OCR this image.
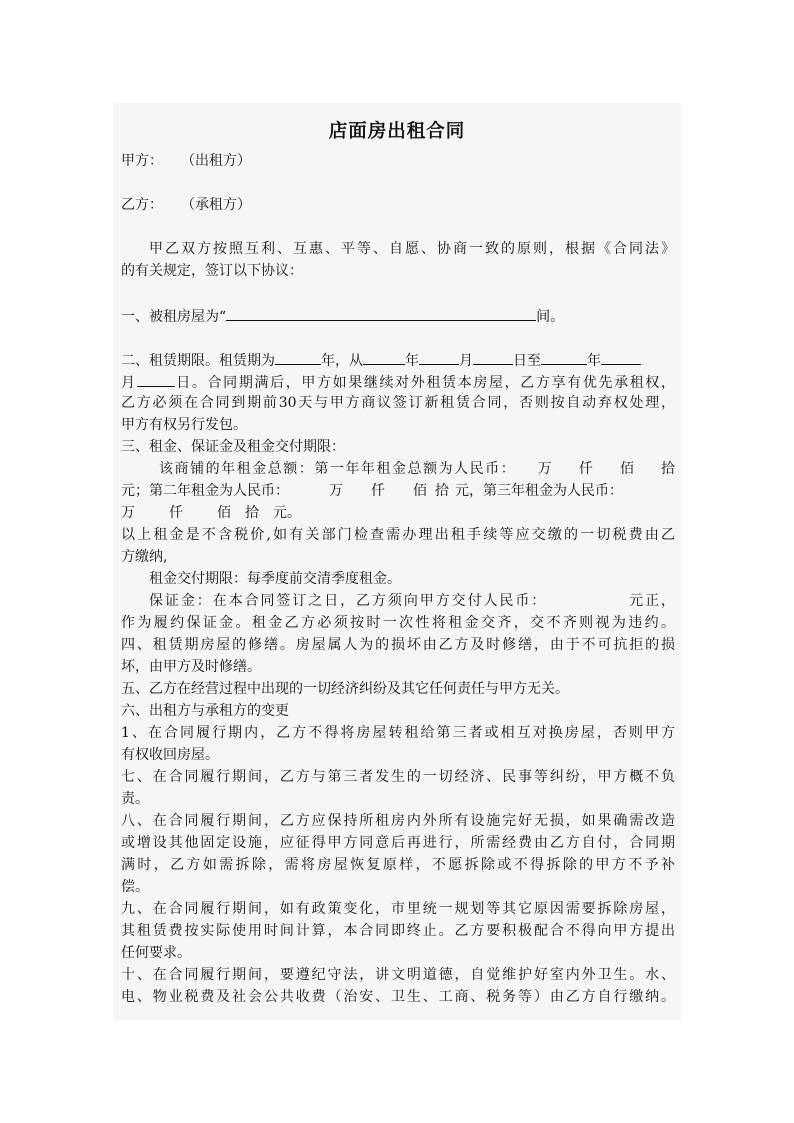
店面房出租合同
甲方： （出租方）
乙方： （承租方）
甲乙双方按照互利、互惠、平等、自愿、协商一致的原则，根据《合同法》
的有关规定，签订以下协议：
一、被租房屋为“	间。
二、租赁期限。租赁期为	年，从	年	月	日至	年
月	日。合同期满后，甲方如果继续对外租赁本房屋，乙方享有优先承租权，
乙方必须在合同到期前30天与甲方商议签订新租赁合同，否则按自动弃权处理，
甲方有权另行发包。
三、租金、保证金及租金交付期限：
该商铺的年租金总额：第一年年租金总额为人民币： 万 仟 佰 拾
元；第二年租金为人民币：	万 仟 佰 拾 元，第三年租金为人民币：
万 仟 佰 拾 元。
以上租金是不含税价,如有关部门检查需办理出租手续等应交缴的一切税费由乙
方缴纳,
租金交付期限：每季度前交清季度租金。
保证金：在本合同签订之日，乙方须向甲方交付人民币：	元正，
作为履约保证金。租金乙方必须按时一次性将租金交齐，交不齐则视为违约。
四、租赁期房屋的修缮。房屋属人为的损坏由乙方及时修缮，由于不可抗拒的损
坏，由甲方及时修缮。
五、乙方在经营过程中出现的一切经济纠纷及其它任何责任与甲方无关。
六、出租方与承租方的变更
1、在合同履行期内，乙方不得将房屋转租给第三者或相互对换房屋，否则甲方
有权收回房屋。
七、在合同履行期间，乙方与第三者发生的一切经济、民事等纠纷，甲方概不负
责。
八、在合同履行期间，乙方应保持所租房内外所有设施完好无损，如果确需改造
或增设其他固定设施，应征得甲方同意后再进行，所需经费由乙方自付，合同期
满时，乙方如需拆除，需将房屋恢复原样，不愿拆除或不得拆除的甲方不予补
偿。
九、在合同履行期间，如有政策变化，市里统一规划等其它原因需要拆除房屋，
其租赁费按实际使用时间计算，本合同即终止。乙方要积极配合不得向甲方提出
任何要求。
十、在合同履行期间，要遵纪守法，讲文明道德，自觉维护好室内外卫生。水、
电、物业税费及社会公共收费（治安、卫生、工商、税务等）由乙方自行缴纳。
